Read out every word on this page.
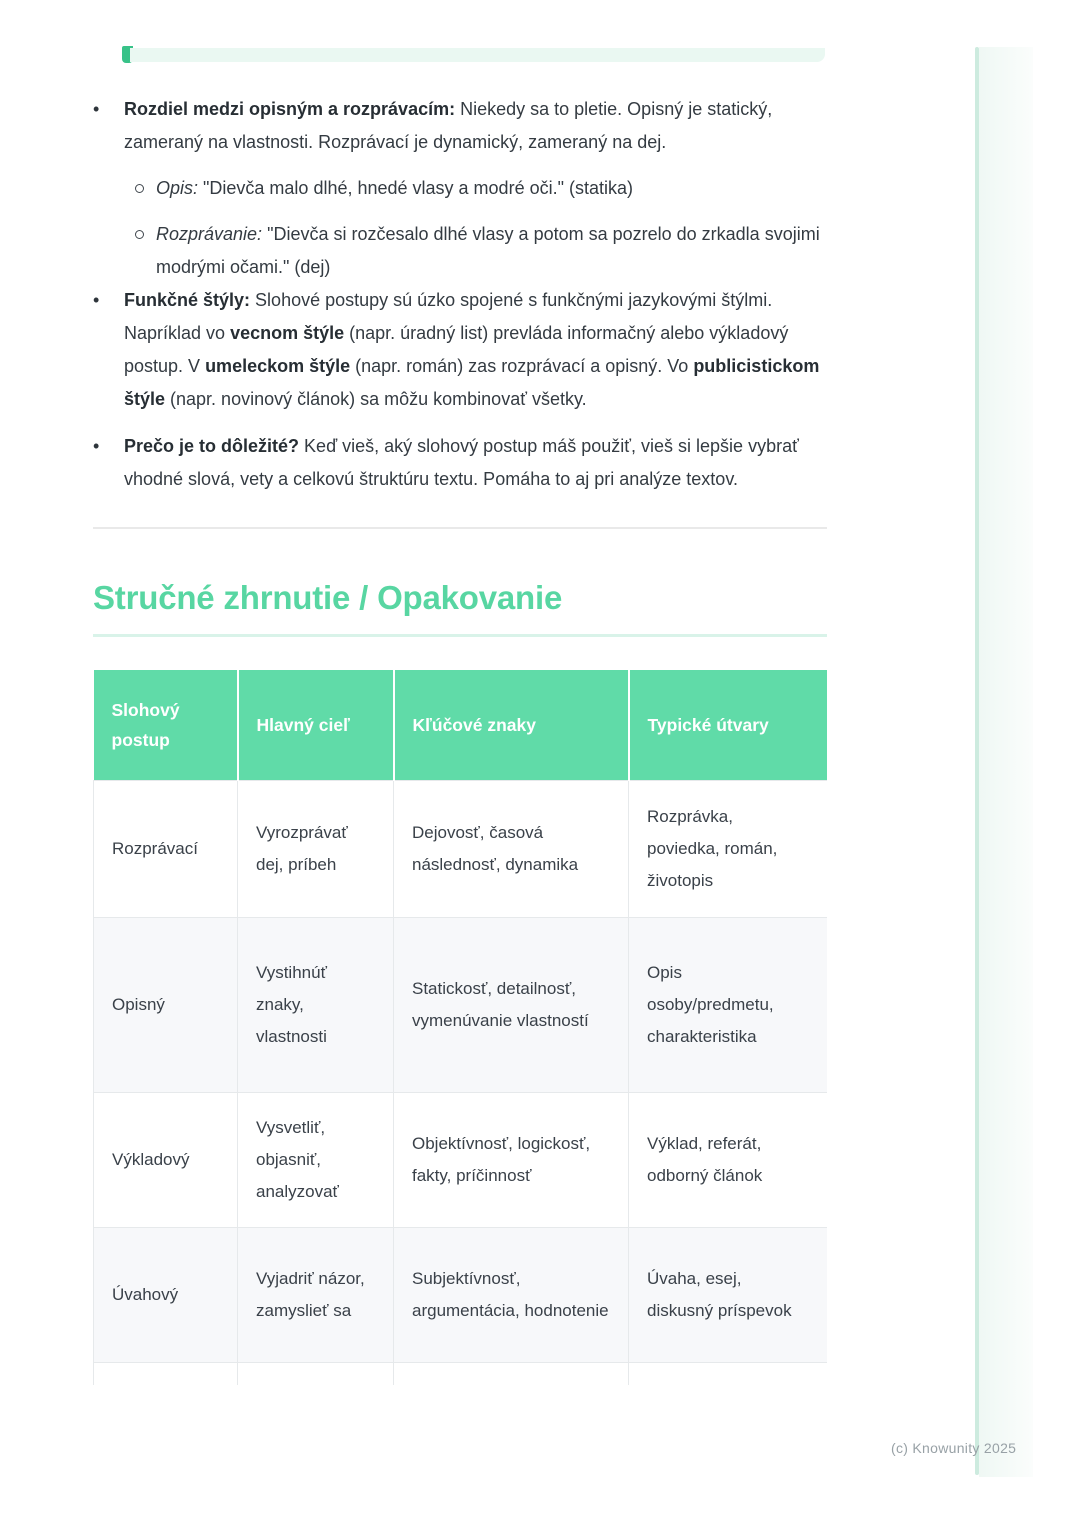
•	Rozdiel medzi opisným a rozprávacím: Niekedy sa to pletie. Opisný je statický, zameraný na vlastnosti. Rozprávací je dynamický, zameraný na dej.
Opis: "Dievča malo dlhé, hnedé vlasy a modré oči." (statika)
Rozprávanie: "Dievča si rozčesalo dlhé vlasy a potom sa pozrelo do zrkadla svojimi modrými očami." (dej)
•	Funkčné štýly: Slohové postupy sú úzko spojené s funkčnými jazykovými štýlmi. Napríklad vo vecnom štýle (napr. úradný list) prevláda informačný alebo výkladový postup. V umeleckom štýle (napr. román) zas rozprávací a opisný. Vo publicistickom štýle (napr. novinový článok) sa môžu kombinovať všetky.
•	Prečo je to dôležité? Keď vieš, aký slohový postup máš použiť, vieš si lepšie vybrať vhodné slová, vety a celkovú štruktúru textu. Pomáha to aj pri analýze textov.
Stručné zhrnutie / Opakovanie
Slohový postup	Hlavný cieľ	Kľúčové znaky	Typické útvary
Rozprávací	Vyrozprávať dej, príbeh	Dejovosť, časová následnosť, dynamika	Rozprávka, poviedka, román, životopis
Opisný	Vystihnúť znaky, vlastnosti	Statickosť, detailnosť, vymenúvanie vlastností	Opis osoby/predmetu, charakteristika
Výkladový	Vysvetliť, objasniť, analyzovať	Objektívnosť, logickosť, fakty, príčinnosť	Výklad, referát, odborný článok
Úvahový	Vyjadriť názor, zamyslieť sa	Subjektívnosť, argumentácia, hodnotenie	Úvaha, esej, diskusný príspevok

(c) Knowunity 2025
